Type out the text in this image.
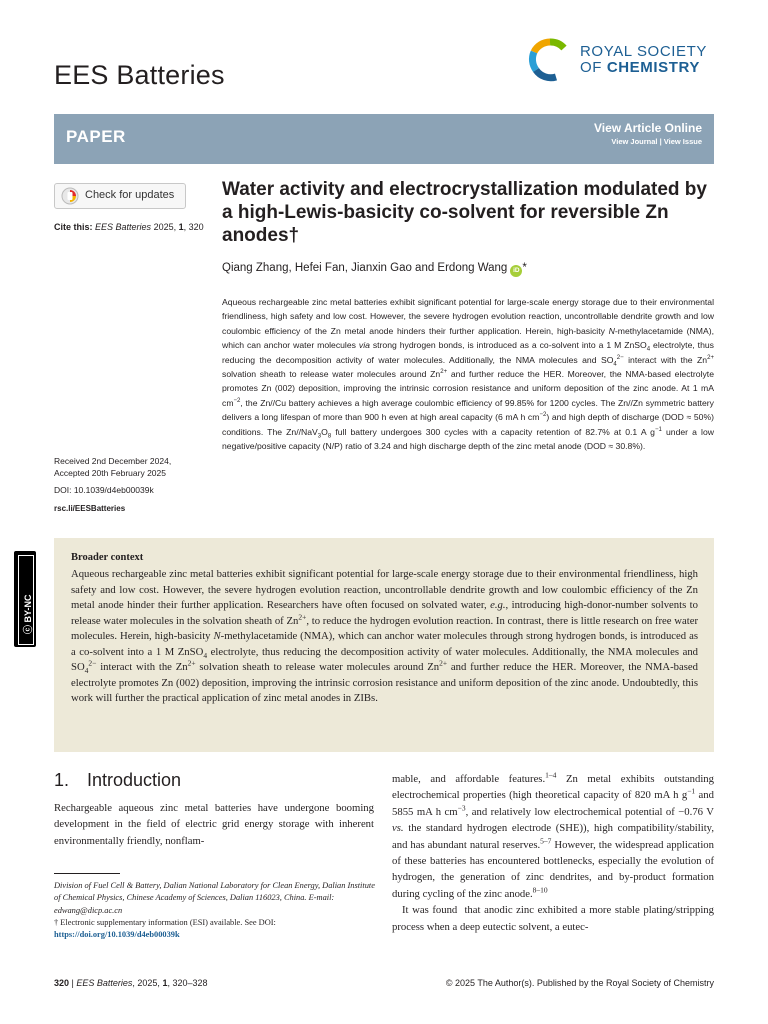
EES Batteries
ROYAL SOCIETY
OF CHEMISTRY
PAPER	View Article Online
View Journal | View Issue
Check for updates
Cite this: EES Batteries 2025, 1, 320
Water activity and electrocrystallization modulated by a high-Lewis-basicity co-solvent for reversible Zn anodes†
Qiang Zhang, Hefei Fan, Jianxin Gao and Erdong Wang iD *
Aqueous rechargeable zinc metal batteries exhibit significant potential for large-scale energy storage due to their environmental friendliness, high safety and low cost. However, the severe hydrogen evolution reaction, uncontrollable dendrite growth and low coulombic efficiency of the Zn metal anode hinders their further application. Herein, high-basicity N-methylacetamide (NMA), which can anchor water molecules via strong hydrogen bonds, is introduced as a co-solvent into a 1 M ZnSO$_4$ electrolyte, thus reducing the decomposition activity of water molecules. Additionally, the NMA molecules and $SO_4^{2-}$ interact with the $Zn^{2+}$ solvation sheath to release water molecules around $Zn^{2+}$ and further reduce the HER. Moreover, the NMA-based electrolyte promotes Zn (002) deposition, improving the intrinsic corrosion resistance and uniform deposition of the zinc anode. At 1 mA $cm^{-2}$, the Zn//Cu battery achieves a high average coulombic efficiency of 99.85% for 1200 cycles. The Zn//Zn symmetric battery delivers a long lifespan of more than 900 h even at high areal capacity (6 mA h $cm^{-2}$) and high depth of discharge (DOD ≈ 50%) conditions. The $Zn//NaV_3O_8$ full battery undergoes 300 cycles with a capacity retention of 82.7% at 0.1 A $g^{-1}$ under a low negative/positive capacity (N/P) ratio of 3.24 and high discharge depth of the zinc metal anode (DOD ≈ 30.8%).
Received 2nd December 2024,
Accepted 20th February 2025
DOI: 10.1039/d4eb00039k
rsc.li/EESBatteries
ⓒ BY-NC
Broader context
Aqueous rechargeable zinc metal batteries exhibit significant potential for large-scale energy storage due to their environmental friendliness, high safety and low cost. However, the severe hydrogen evolution reaction, uncontrollable dendrite growth and low coulombic efficiency of the Zn metal anode hinder their further application. Researchers have often focused on solvated water, e.g., introducing high-donor-number solvents to release water molecules in the solvation sheath of $Zn^{2+}$, to reduce the hydrogen evolution reaction. In contrast, there is little research on free water molecules. Herein, high-basicity N-methylacetamide (NMA), which can anchor water molecules through strong hydrogen bonds, is introduced as a co-solvent into a 1 M ZnSO$_4$ electrolyte, thus reducing the decomposition activity of water molecules. Additionally, the NMA molecules and $SO_4^{2-}$ interact with the $Zn^{2+}$ solvation sheath to release water molecules around $Zn^{2+}$ and further reduce the HER. Moreover, the NMA-based electrolyte promotes Zn (002) deposition, improving the intrinsic corrosion resistance and uniform deposition of the zinc anode. Undoubtedly, this work will further the practical application of zinc metal anodes in ZIBs.
1. Introduction
Rechargeable aqueous zinc metal batteries have undergone booming development in the field of electric grid energy storage with inherent environmentally friendly, nonflam-
Division of Fuel Cell & Battery, Dalian National Laboratory for Clean Energy, Dalian Institute of Chemical Physics, Chinese Academy of Sciences, Dalian 116023, China. E-mail: edwang@dicp.ac.cn
† Electronic supplementary information (ESI) available. See DOI: https://doi.org/10.1039/d4eb00039k
mable, and affordable features.$^{1-4}$ Zn metal exhibits outstanding electrochemical properties (high theoretical capacity of 820 mA h $g^{-1}$ and 5855 mA h $cm^{-3}$, and relatively low electrochemical potential of −0.76 V vs. the standard hydrogen electrode (SHE)), high compatibility/stability, and has abundant natural reserves.$^{5-7}$ However, the widespread application of these batteries has encountered bottlenecks, especially the evolution of hydrogen, the generation of zinc dendrites, and by-product formation during cycling of the zinc anode.$^{8-10}$
It was found  that anodic zinc exhibited a more stable plating/stripping process when a deep eutectic solvent, a eutec-
320 | EES Batteries, 2025, 1, 320–328	© 2025 The Author(s). Published by the Royal Society of Chemistry
